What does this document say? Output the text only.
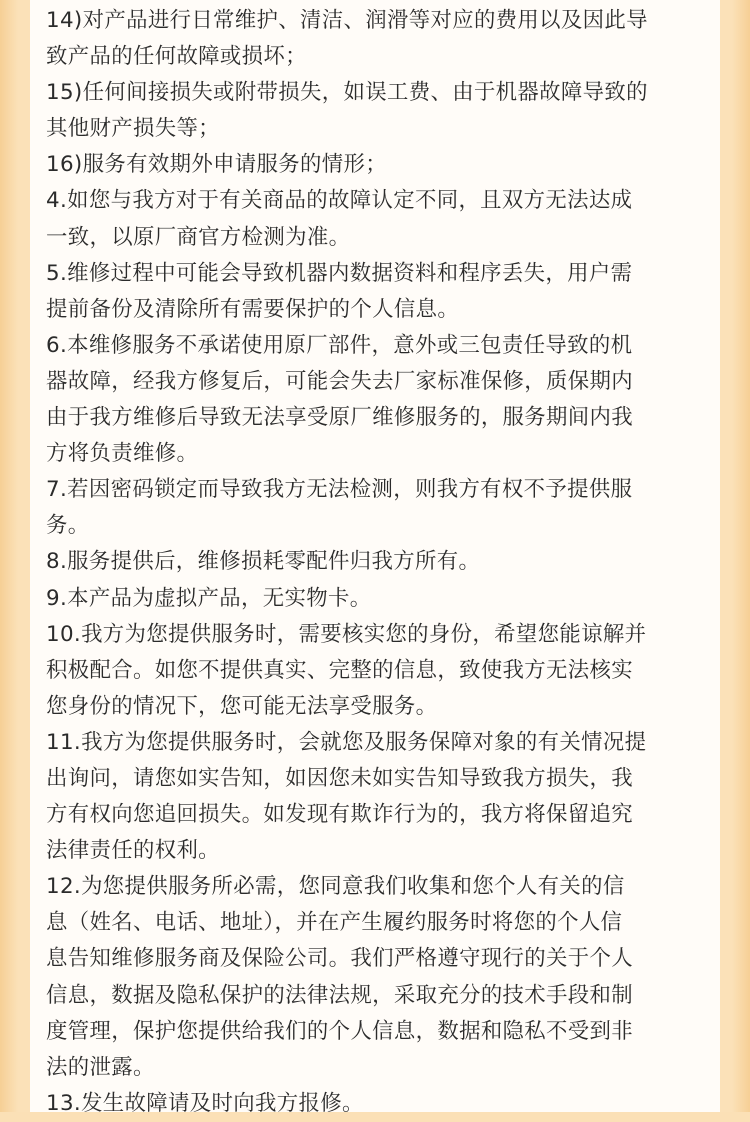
14)对产品进行日常维护、清洁、润滑等对应的费用以及因此导
致产品的任何故障或损坏；
15)任何间接损失或附带损失，如误工费、由于机器故障导致的
其他财产损失等；
16)服务有效期外申请服务的情形；
4.如您与我方对于有关商品的故障认定不同，且双方无法达成
一致，以原厂商官方检测为准。
5.维修过程中可能会导致机器内数据资料和程序丢失，用户需
提前备份及清除所有需要保护的个人信息。
6.本维修服务不承诺使用原厂部件，意外或三包责任导致的机
器故障，经我方修复后，可能会失去厂家标准保修，质保期内
由于我方维修后导致无法享受原厂维修服务的，服务期间内我
方将负责维修。
7.若因密码锁定而导致我方无法检测，则我方有权不予提供服
务。
8.服务提供后，维修损耗零配件归我方所有。
9.本产品为虚拟产品，无实物卡。
10.我方为您提供服务时，需要核实您的身份，希望您能谅解并
积极配合。如您不提供真实、完整的信息，致使我方无法核实
您身份的情况下，您可能无法享受服务。
11.我方为您提供服务时，会就您及服务保障对象的有关情况提
出询问，请您如实告知，如因您未如实告知导致我方损失，我
方有权向您追回损失。如发现有欺诈行为的，我方将保留追究
法律责任的权利。
12.为您提供服务所必需，您同意我们收集和您个人有关的信
息（姓名、电话、地址），并在产生履约服务时将您的个人信
息告知维修服务商及保险公司。我们严格遵守现行的关于个人
信息，数据及隐私保护的法律法规，采取充分的技术手段和制
度管理，保护您提供给我们的个人信息，数据和隐私不受到非
法的泄露。
13.发生故障请及时向我方报修。
